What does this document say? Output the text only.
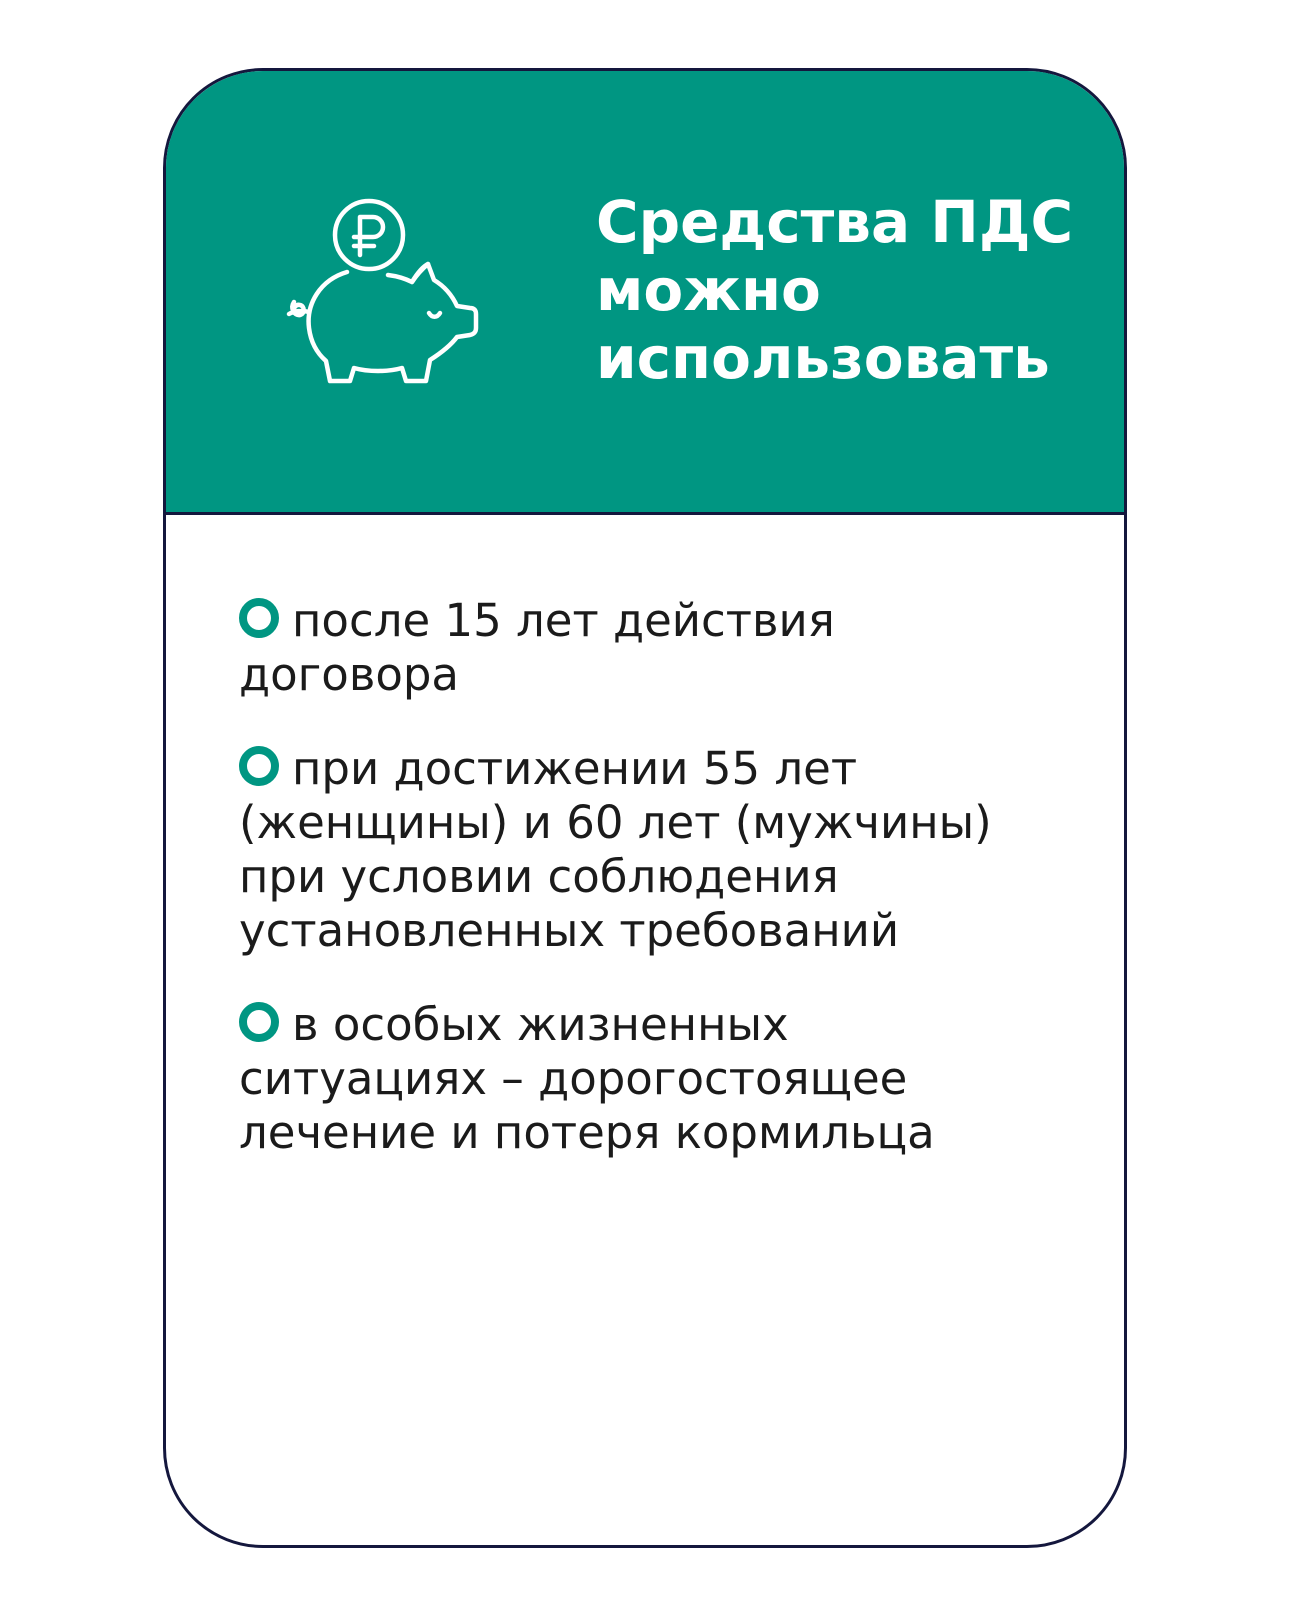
Средства ПДС
можно
использовать
после 15 лет действия
договора
при достижении 55 лет
(женщины) и 60 лет (мужчины)
при условии соблюдения
установленных требований
в особых жизненных
ситуациях – дорогостоящее
лечение и потеря кормильца
